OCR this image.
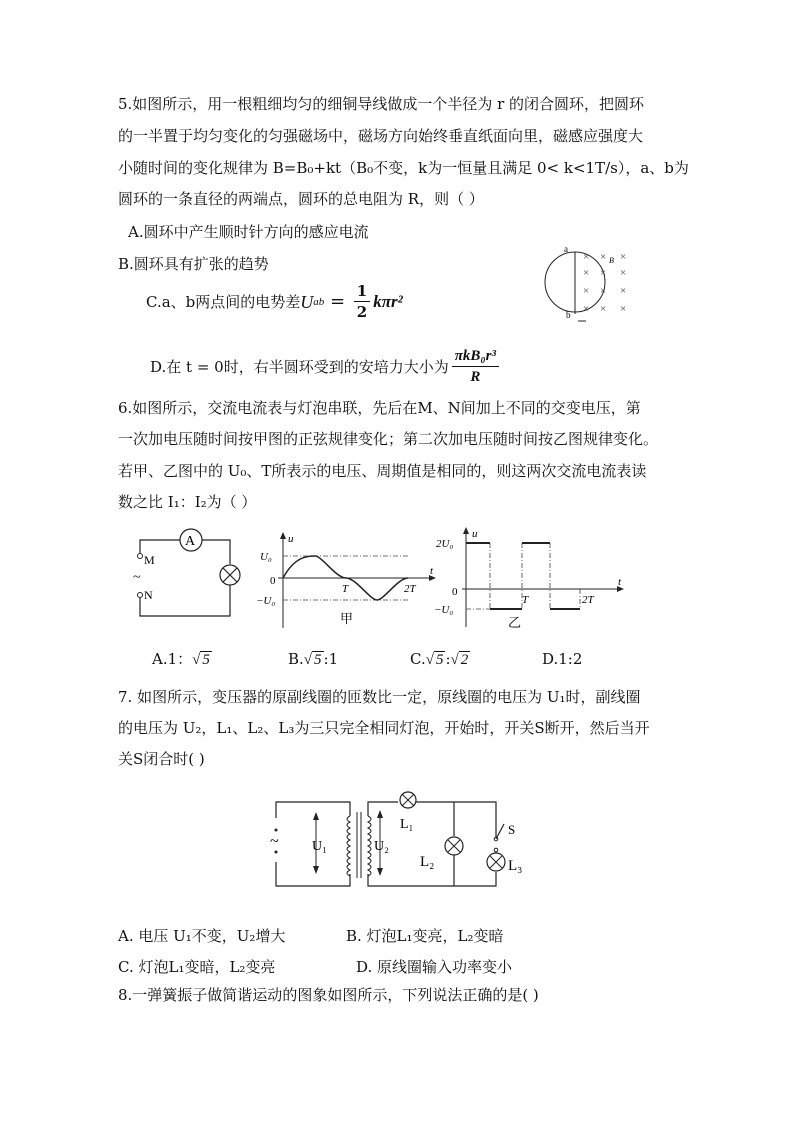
5.如图所示，用一根粗细均匀的细铜导线做成一个半径为 r 的闭合圆环，把圆环
的一半置于均匀变化的匀强磁场中，磁场方向始终垂直纸面向里，磁感应强度大
小随时间的变化规律为 B=B₀+kt（B₀不变，k为一恒量且满足 0< k<1T/s），a、b为
圆环的一条直径的两端点，圆环的总电阻为 R，则（ ）
A.圆环中产生顺时针方向的感应电流
B.圆环具有扩张的趋势
C.a、b两点间的电势差 U ab = $\frac{1}{2} k\pi r^2$
D.在 t = 0时，右半圆环受到的安培力大小为 $\frac{\text{πkB₀r³}}{R}$
a
b
B
× × ×
× × ×
× × ×
× × ×
6.如图所示，交流电流表与灯泡串联，先后在M、N间加上不同的交变电压，第
一次加电压随时间按甲图的正弦规律变化；第二次加电压随时间按乙图规律变化。
若甲、乙图中的 U₀、T所表示的电压、周期值是相同的，则这两次交流电流表读
数之比 I₁：I₂为（ ）
A
M
N
~
u
t
U₀
0
−U₀
T	2T
甲
u
t
2U₀
0
−U₀
T	2T
乙
A.1：√ 5	B.√ 5 :1	C.√ 5 :√ 2	D.1:2
7. 如图所示，变压器的原副线圈的匝数比一定，原线圈的电压为 U₁时，副线圈
的电压为 U₂，L₁、L₂、L₃为三只完全相同灯泡，开始时，开关S断开，然后当开
关S闭合时( )
~ U₁	U₂
L₁
L₂
S
L₃
A. 电压 U₁不变，U₂增大	B. 灯泡L₁变亮，L₂变暗
C. 灯泡L₁变暗，L₂变亮	D. 原线圈输入功率变小
8.一弹簧振子做简谐运动的图象如图所示，下列说法正确的是( )
